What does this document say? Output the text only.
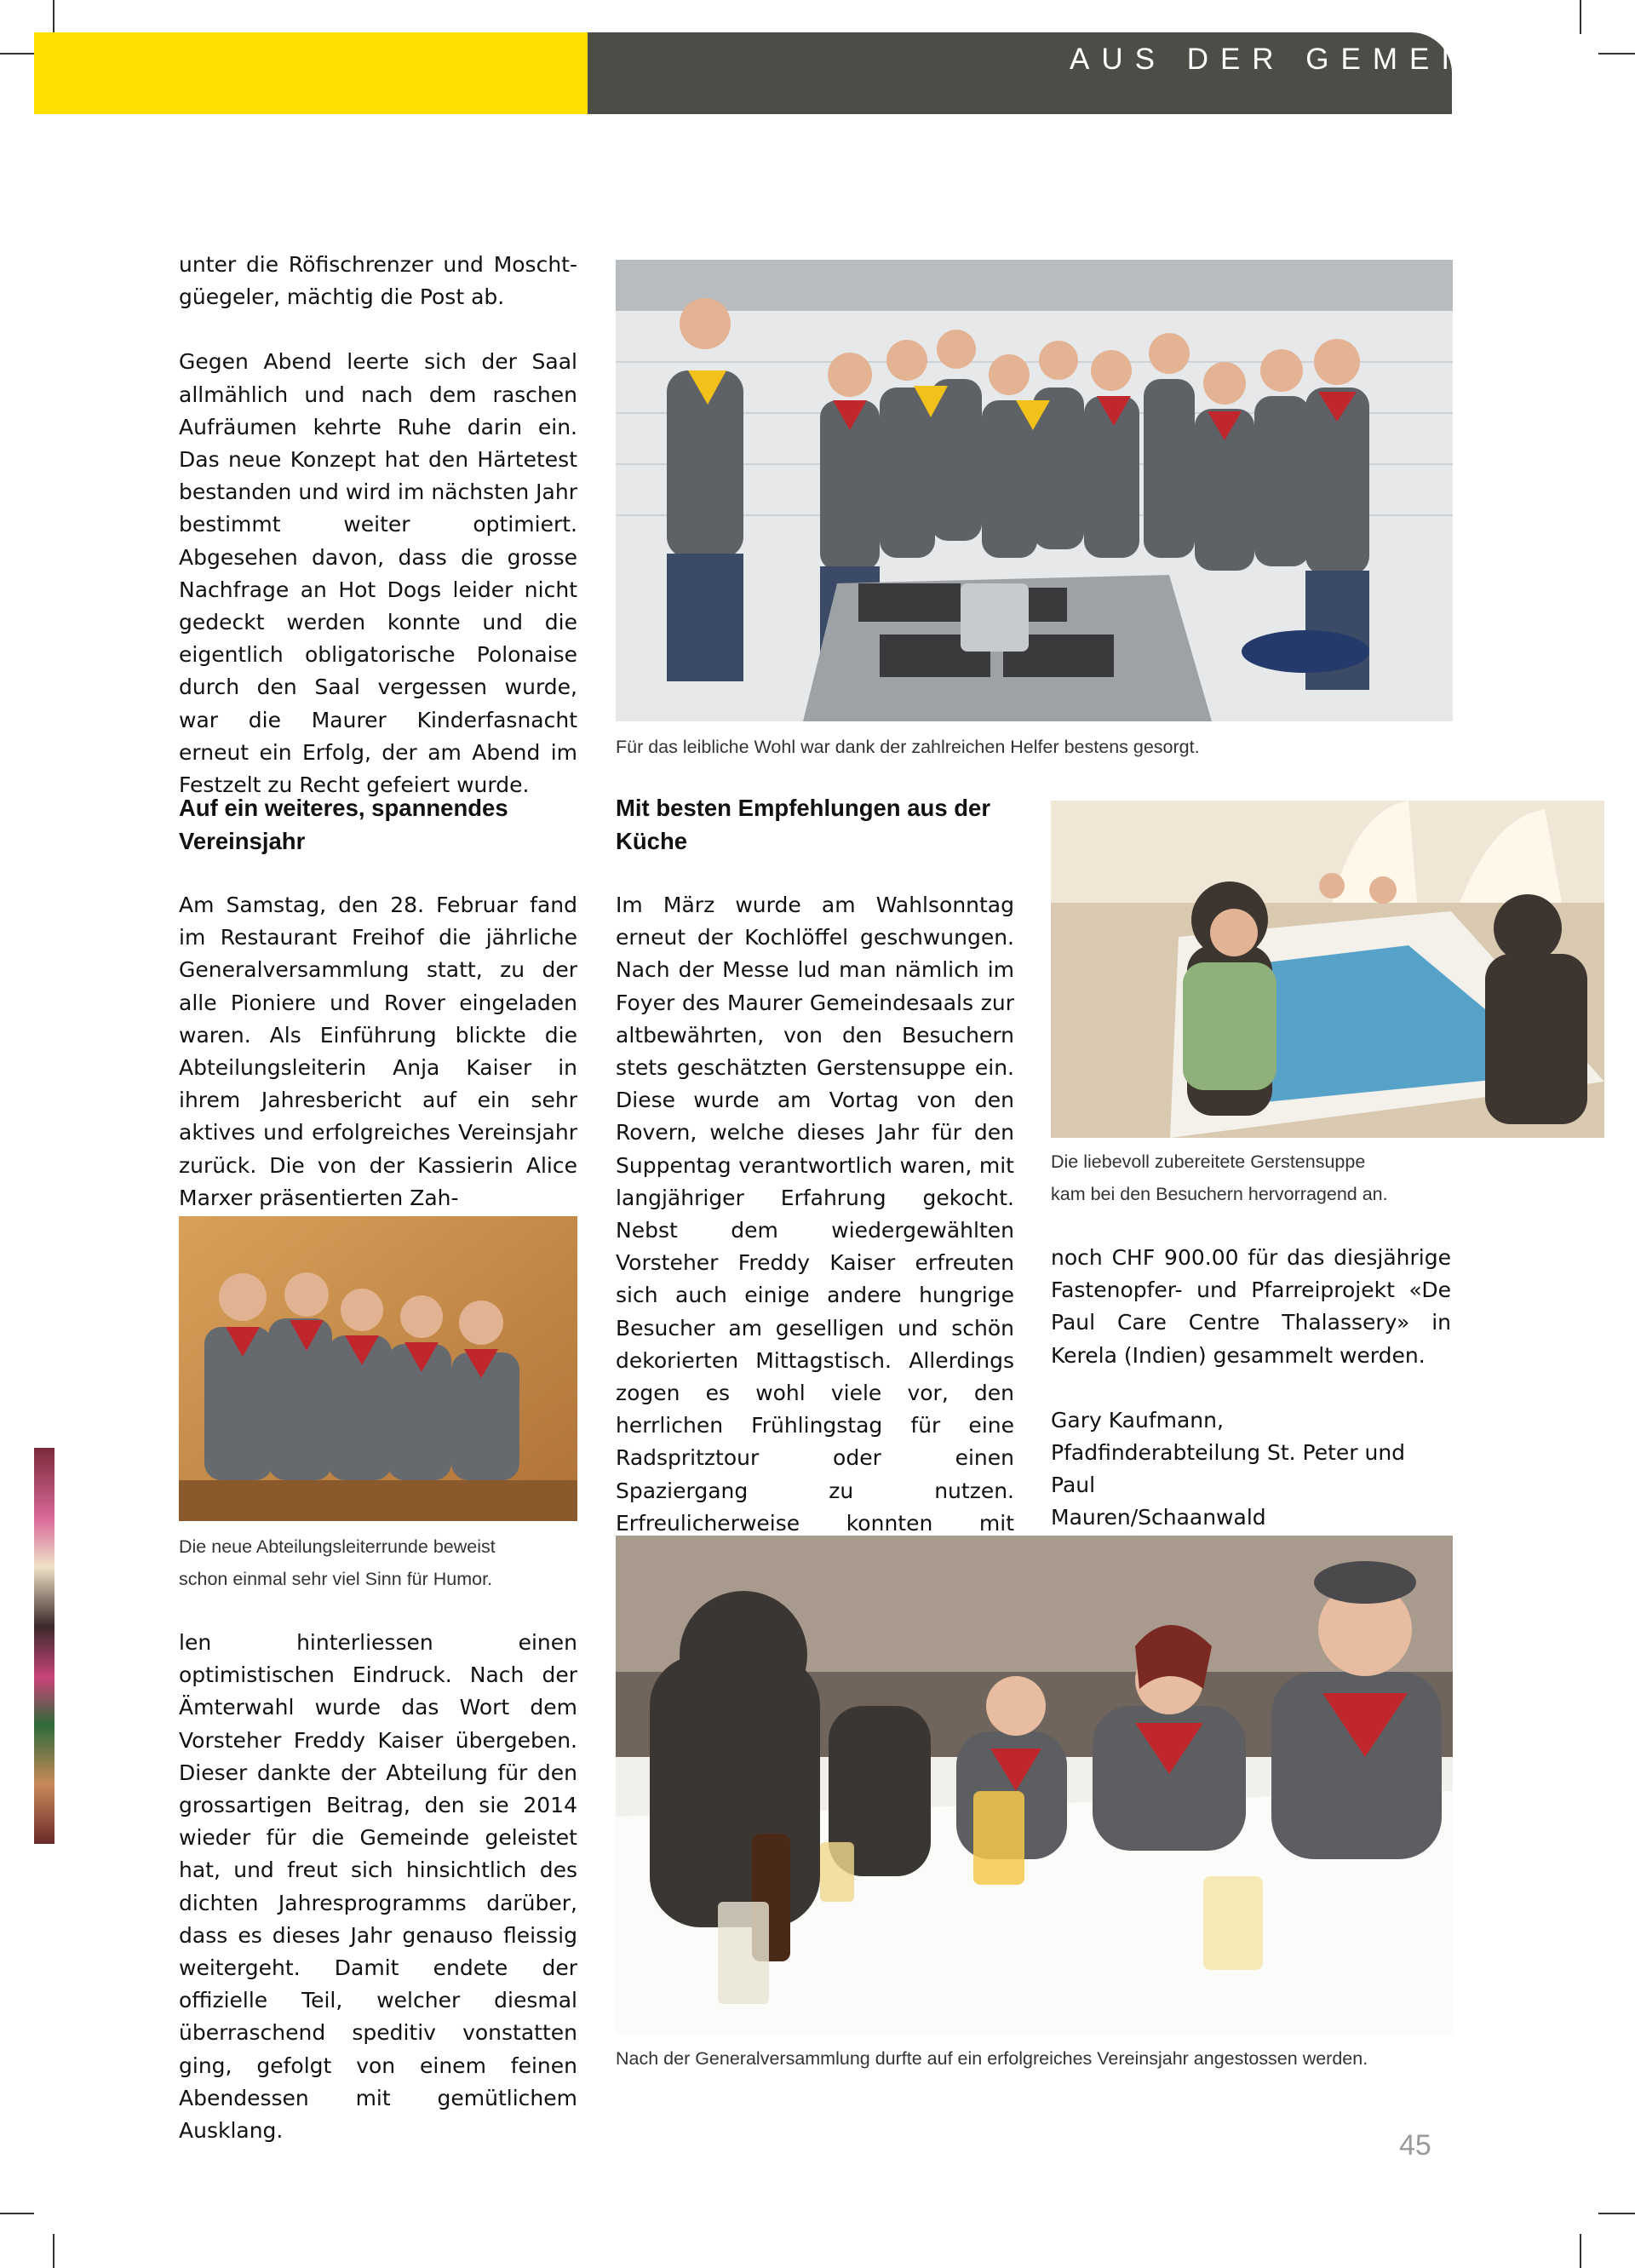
AUS DER GEMEINDE

unter die Röfischrenzer und Moscht-güegeler, mächtig die Post ab.

Gegen Abend leerte sich der Saal allmählich und nach dem raschen Aufräumen kehrte Ruhe darin ein. Das neue Konzept hat den Härtetest bestanden und wird im nächsten Jahr bestimmt weiter optimiert. Abgesehen davon, dass die grosse Nachfrage an Hot Dogs leider nicht gedeckt werden konnte und die eigentlich obligatorische Polonaise durch den Saal vergessen wurde, war die Maurer Kinderfasnacht erneut ein Erfolg, der am Abend im Festzelt zu Recht gefeiert wurde.

Auf ein weiteres, spannendes Vereinsjahr

Am Samstag, den 28. Februar fand im Restaurant Freihof die jährliche Generalversammlung statt, zu der alle Pioniere und Rover eingeladen waren. Als Einführung blickte die Abteilungsleiterin Anja Kaiser in ihrem Jahresbericht auf ein sehr aktives und erfolgreiches Vereinsjahr zurück. Die von der Kassierin Alice Marxer präsentierten Zah-

Die neue Abteilungsleiterrunde beweist
schon einmal sehr viel Sinn für Humor.

len hinterliessen einen optimistischen Eindruck. Nach der Ämterwahl wurde das Wort dem Vorsteher Freddy Kaiser übergeben. Dieser dankte der Abteilung für den grossartigen Beitrag, den sie 2014 wieder für die Gemeinde geleistet hat, und freut sich hinsichtlich des dichten Jahresprogramms darüber, dass es dieses Jahr genauso fleissig weitergeht. Damit endete der offizielle Teil, welcher diesmal überraschend speditiv vonstatten ging, gefolgt von einem feinen Abendessen mit gemütlichem Ausklang.

Für das leibliche Wohl war dank der zahlreichen Helfer bestens gesorgt.
Mit besten Empfehlungen aus der Küche

Im März wurde am Wahlsonntag erneut der Kochlöffel geschwungen. Nach der Messe lud man nämlich im Foyer des Maurer Gemeindesaals zur altbewährten, von den Besuchern stets geschätzten Gerstensuppe ein. Diese wurde am Vortag von den Rovern, welche dieses Jahr für den Suppentag verantwortlich waren, mit langjähriger Erfahrung gekocht. Nebst dem wiedergewählten Vorsteher Freddy Kaiser erfreuten sich auch einige andere hungrige Besucher am geselligen und schön dekorierten Mittagstisch. Allerdings zogen es wohl viele vor, den herrlichen Frühlingstag für eine Radspritztour oder einen Spaziergang zu nutzen. Erfreulicherweise konnten mit

Die liebevoll zubereitete Gerstensuppe
kam bei den Besuchern hervorragend an.

noch CHF 900.00 für das diesjährige Fastenopfer- und Pfarreiprojekt «De Paul Care Centre Thalassery» in Kerela (Indien) gesammelt werden.

Gary Kaufmann,
Pfadfinderabteilung St. Peter und Paul
Mauren/Schaanwald

Nach der Generalversammlung durfte auf ein erfolgreiches Vereinsjahr angestossen werden.
45
